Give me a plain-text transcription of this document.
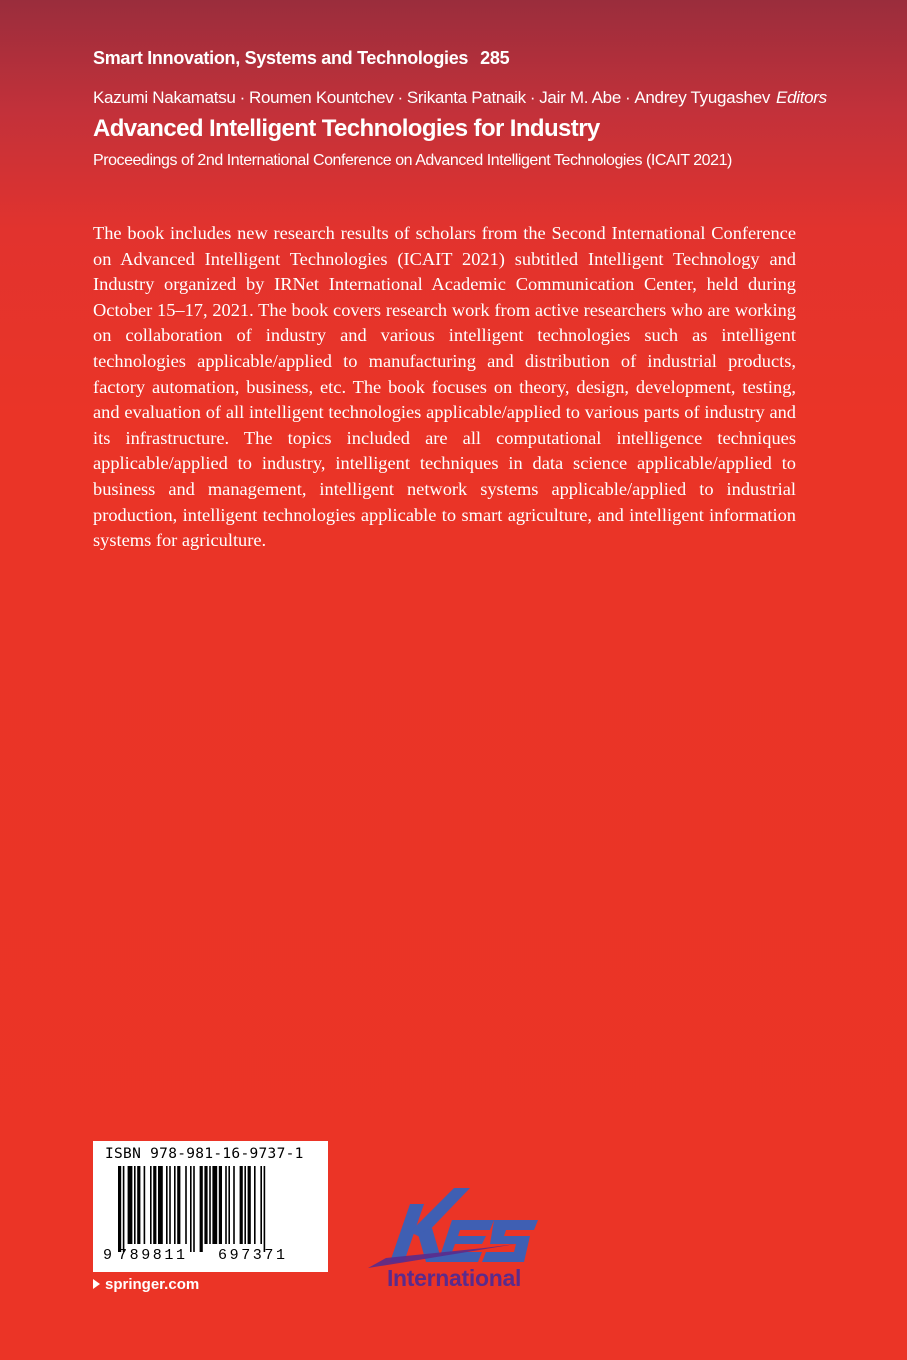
Smart Innovation, Systems and Technologies 285
Kazumi Nakamatsu · Roumen Kountchev · Srikanta Patnaik · Jair M. Abe · Andrey Tyugashev Editors
Advanced Intelligent Technologies for Industry
Proceedings of 2nd International Conference on Advanced Intelligent Technologies (ICAIT 2021)

The book includes new research results of scholars from the Second International Conference on Advanced Intelligent Technologies (ICAIT 2021) subtitled Intelligent Technology and Industry organized by IRNet International Academic Communication Center, held during October 15–17, 2021. The book covers research work from active researchers who are working on collaboration of industry and various intelligent technologies such as intelligent technologies applicable/applied to manufacturing and distribution of industrial products, factory automation, business, etc. The book focuses on theory, design, development, testing, and evaluation of all intelligent technologies applicable/applied to various parts of industry and its infrastructure. The topics included are all computational intelligence techniques applicable/applied to industry, intelligent techniques in data science applicable/applied to business and management, intelligent network systems applicable/applied to industrial production, intelligent technologies applicable to smart agriculture, and intelligent information systems for agriculture.

ISBN 978-981-16-9737-1
9 789811 697371
springer.com	International
